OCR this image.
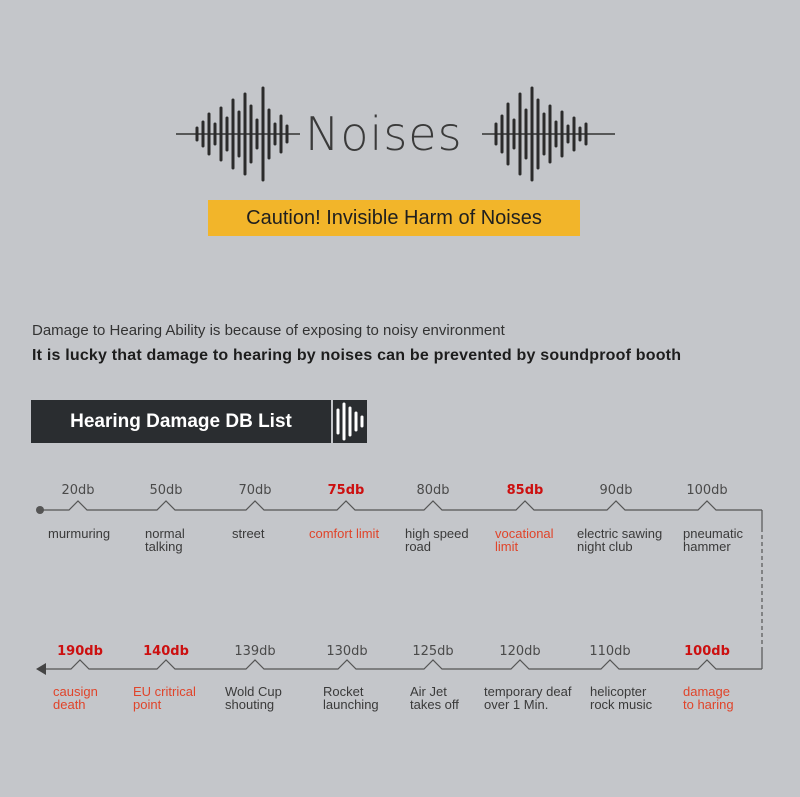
Noises
Caution! Invisible Harm of Noises
Damage to Hearing Ability is because of exposing to noisy environment
It is lucky that damage to hearing by noises can be prevented by soundproof booth
Hearing Damage DB List
20db
murmuring
50db
normal
talking
70db
street
75db
comfort limit
80db
high speed
road
85db
vocational
limit
90db
electric sawing
night club
100db
pneumatic
hammer
190db
causign
death
140db
EU critrical
point
139db
Wold Cup
shouting
130db
Rocket
launching
125db
Air Jet
takes off
120db
temporary deaf
over 1 Min.
110db
helicopter
rock music
100db
damage
to haring
